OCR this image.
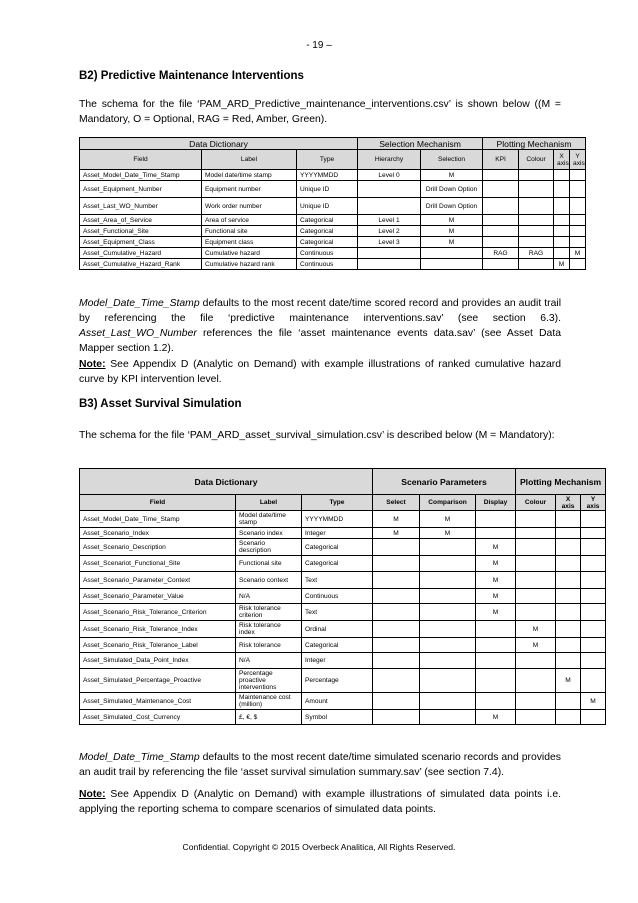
- 19 –
B2) Predictive Maintenance Interventions
The schema for the file ‘PAM_ARD_Predictive_maintenance_interventions.csv’ is shown below ((M = Mandatory, O = Optional, RAG = Red, Amber, Green).
Data Dictionary			Selection Mechanism		Plotting Mechanism			
Field	Label	Type	Hierarchy	Selection	KPI	Colour	X axis	Y axis
Asset_Model_Date_Time_Stamp	Model date/time stamp	YYYYMMDD	Level 0	M				
Asset_Equipment_Number	Equipment number	Unique ID		Drill Down Option				
Asset_Last_WO_Number	Work order number	Unique ID		Drill Down Option				
Asset_Area_of_Service	Area of service	Categorical	Level 1	M				
Asset_Functional_Site	Functional site	Categorical	Level 2	M				
Asset_Equipment_Class	Equipment class	Categorical	Level 3	M				
Asset_Cumulative_Hazard	Cumulative hazard	Continuous			RAG	RAG		M
Asset_Cumulative_Hazard_Rank	Cumulative hazard rank	Continuous					M	
Model_Date_Time_Stamp defaults to the most recent date/time scored record and provides an audit trail by referencing the file ‘predictive maintenance interventions.sav’ (see section 6.3). Asset_Last_WO_Number references the file ‘asset maintenance events data.sav’ (see Asset Data Mapper section 1.2).
Note: See Appendix D (Analytic on Demand) with example illustrations of ranked cumulative hazard curve by KPI intervention level.
B3) Asset Survival Simulation
The schema for the file ‘PAM_ARD_asset_survival_simulation.csv’ is described below (M = Mandatory):
Data Dictionary			Scenario Parameters			Plotting Mechanism		
Field	Label	Type	Select	Comparison	Display	Colour	X axis	Y axis
Asset_Model_Date_Time_Stamp	Model date/time stamp	YYYYMMDD	M	M				
Asset_Scenario_Index	Scenario index	Integer	M	M				
Asset_Scenario_Description	Scenario description	Categorical			M			
Asset_Scenariot_Functional_Site	Functional site	Categorical			M			
Asset_Scenario_Parameter_Context	Scenario context	Text			M			
Asset_Scenario_Parameter_Value	N/A	Continuous			M			
Asset_Scenario_Risk_Tolerance_Criterion	Risk tolerance criterion	Text			M			
Asset_Scenario_Risk_Tolerance_Index	Risk tolerance index	Ordinal				M		
Asset_Scenario_Risk_Tolerance_Label	Risk tolerance	Categorical				M		
Asset_Simulated_Data_Point_Index	N/A	Integer						
Asset_Simulated_Percentage_Proactive	Percentage proactive interventions	Percentage					M	
Asset_Simulated_Maintenance_Cost	Maintenance cost (million)	Amount						M
Asset_Simulated_Cost_Currency	£, €, $	Symbol			M			
Model_Date_Time_Stamp defaults to the most recent date/time simulated scenario records and provides an audit trail by referencing the file ‘asset survival simulation summary.sav’ (see section 7.4).
Note: See Appendix D (Analytic on Demand) with example illustrations of simulated data points i.e. applying the reporting schema to compare scenarios of simulated data points.
Confidential. Copyright © 2015 Overbeck Analitica, All Rights Reserved.
